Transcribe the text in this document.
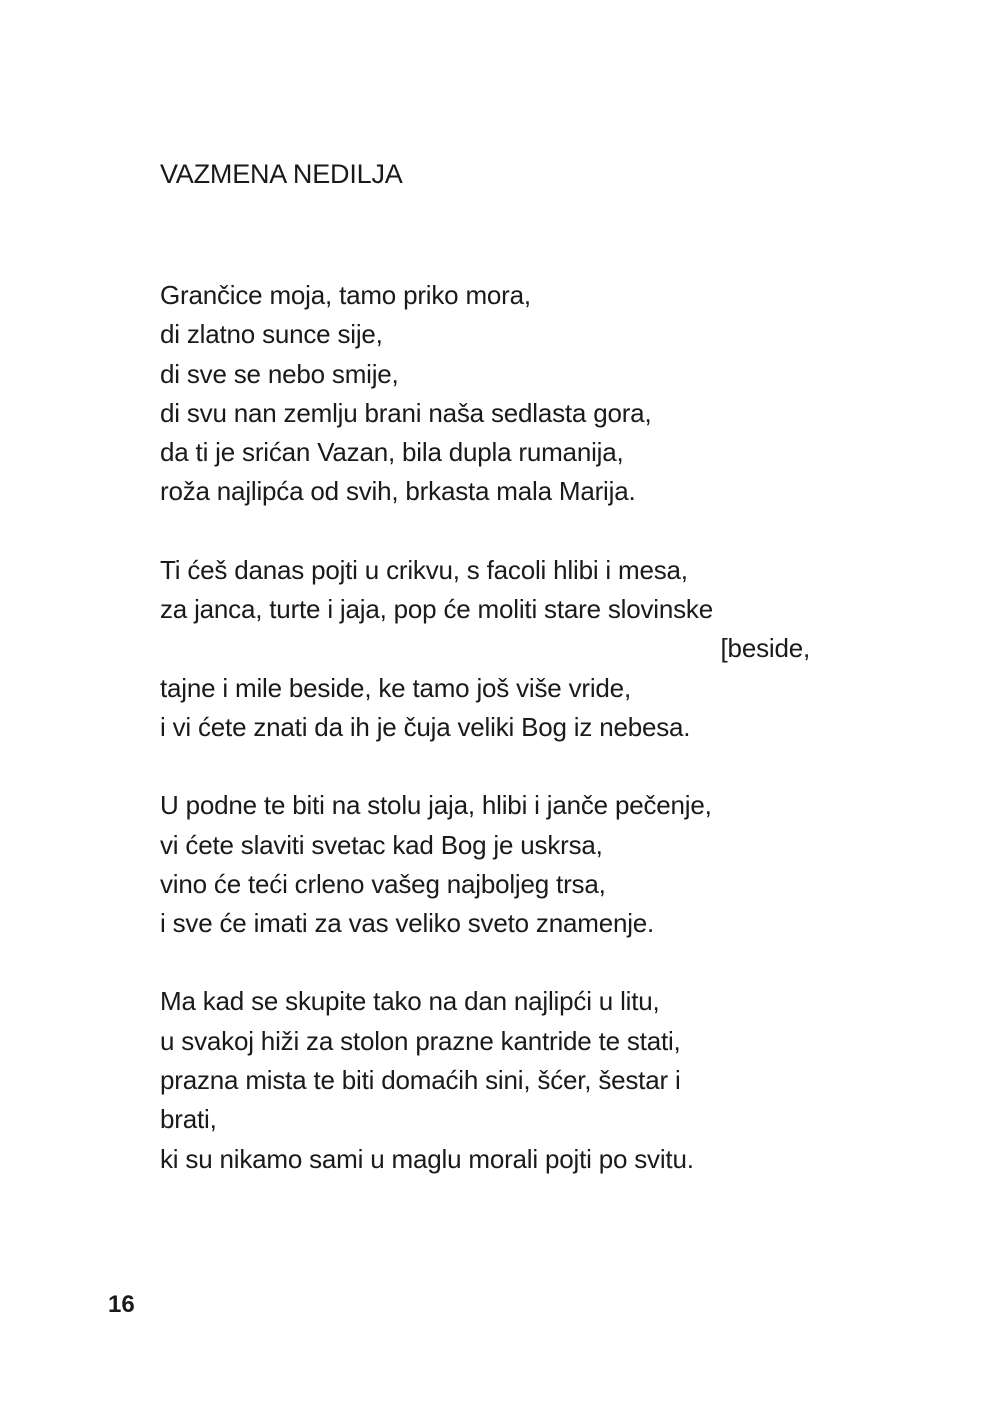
VAZMENA NEDILJA
Grančice moja, tamo priko mora,
di zlatno sunce sije,
di sve se nebo smije,
di svu nan zemlju brani naša sedlasta gora,
da ti je srićan Vazan, bila dupla rumanija,
roža najlipća od svih, brkasta mala Marija.
Ti ćeš danas pojti u crikvu, s facoli hlibi i mesa,
za janca, turte i jaja, pop će moliti stare slovinske
[beside,
tajne i mile beside, ke tamo još više vride,
i vi ćete znati da ih je čuja veliki Bog iz nebesa.
U podne te biti na stolu jaja, hlibi i janče pečenje,
vi ćete slaviti svetac kad Bog je uskrsa,
vino će teći crleno vašeg najboljeg trsa,
i sve će imati za vas veliko sveto znamenje.
Ma kad se skupite tako na dan najlipći u litu,
u svakoj hiži za stolon prazne kantride te stati,
prazna mista te biti domaćih sini, šćer, šestar i
brati,
ki su nikamo sami u maglu morali pojti po svitu.
16
